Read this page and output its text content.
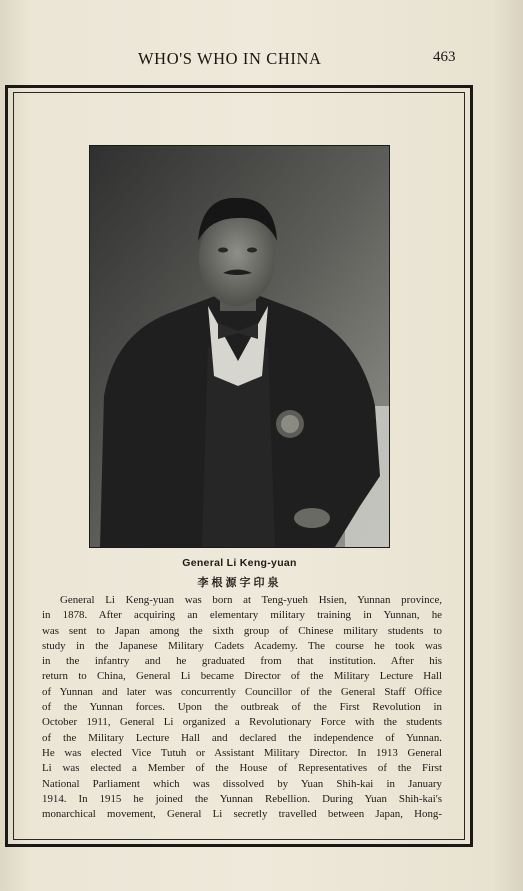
WHO'S WHO IN CHINA	463
General Li Keng-yuan
李根源字印泉
General Li Keng-yuan was born at Teng-yueh Hsien, Yunnan province,
in 1878. After acquiring an elementary military training in Yunnan, he
was sent to Japan among the sixth group of Chinese military students to
study in the Japanese Military Cadets Academy. The course he took was
in the infantry and he graduated from that institution. After his
return to China, General Li became Director of the Military Lecture Hall
of Yunnan and later was concurrently Councillor of the General Staff Office
of the Yunnan forces. Upon the outbreak of the First Revolution in
October 1911, General Li organized a Revolutionary Force with the students
of the Military Lecture Hall and declared the independence of Yunnan.
He was elected Vice Tutuh or Assistant Military Director. In 1913 General
Li was elected a Member of the House of Representatives of the First
National Parliament which was dissolved by Yuan Shih-kai in January
1914. In 1915 he joined the Yunnan Rebellion. During Yuan Shih-kai's
monarchical movement, General Li secretly travelled between Japan, Hong-
